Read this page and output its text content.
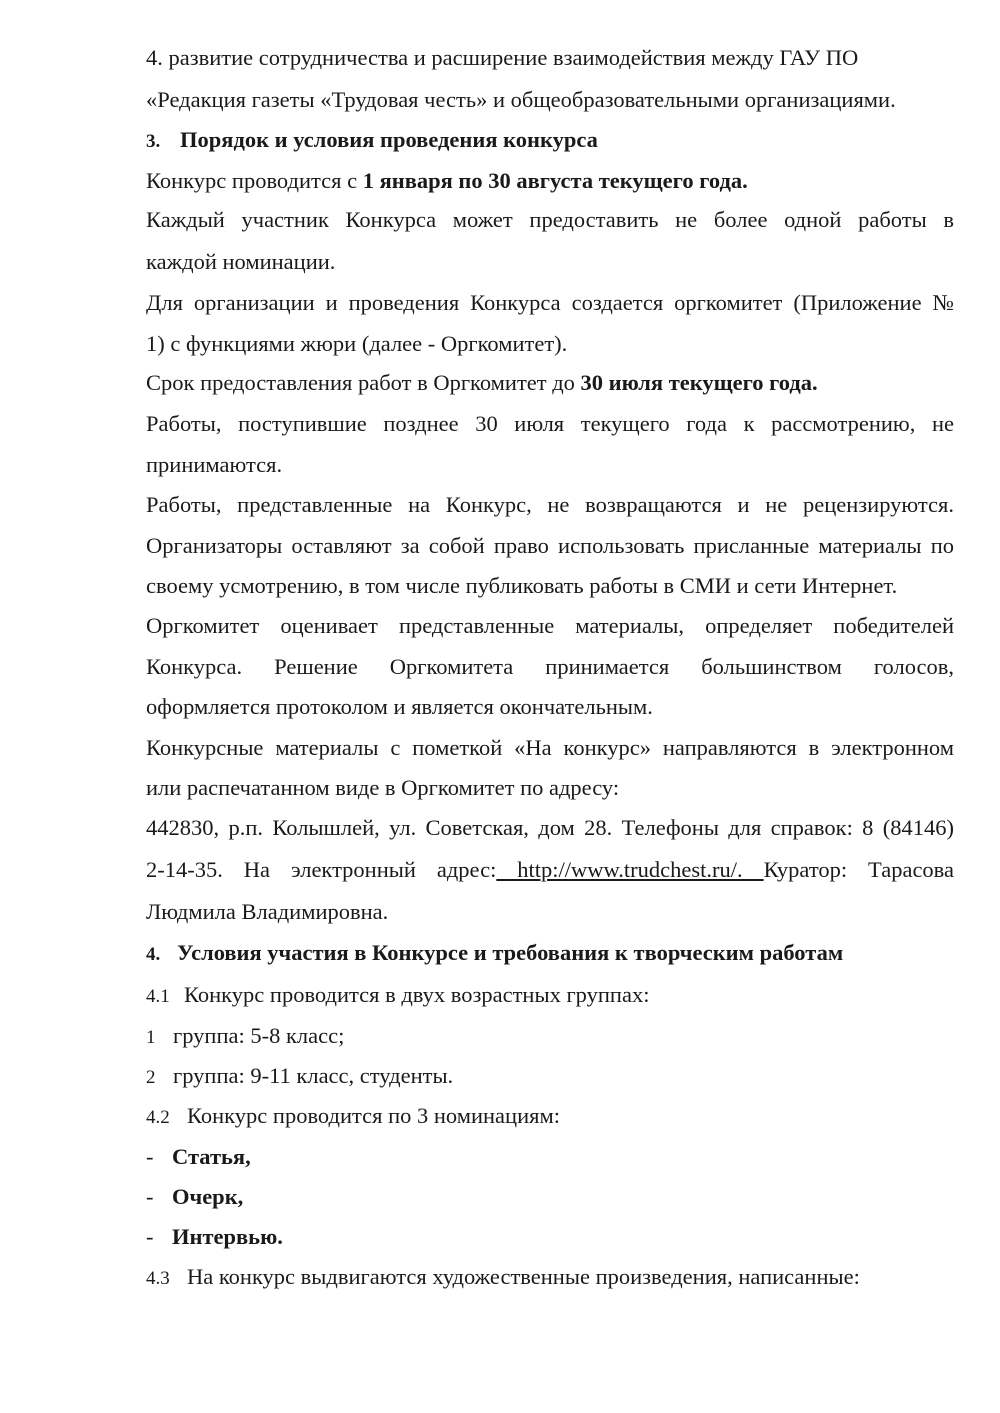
4. развитие сотрудничества и расширение взаимодействия между ГАУ ПО
«Редакция газеты «Трудовая честь» и общеобразовательными организациями.
3. Порядок и условия проведения конкурса
Конкурс проводится с 1 января по 30 августа текущего года.
Каждый участник Конкурса может предоставить не более одной работы в
каждой номинации.
Для организации и проведения Конкурса создается оргкомитет (Приложение №
1) с функциями жюри (далее - Оргкомитет).
Срок предоставления работ в Оргкомитет до 30 июля текущего года.
Работы, поступившие позднее 30 июля текущего года к рассмотрению, не
принимаются.
Работы, представленные на Конкурс, не возвращаются и не рецензируются.
Организаторы оставляют за собой право использовать присланные материалы по
своему усмотрению, в том числе публиковать работы в СМИ и сети Интернет.
Оргкомитет оценивает представленные материалы, определяет победителей
Конкурса. Решение Оргкомитета принимается большинством голосов,
оформляется протоколом и является окончательным.
Конкурсные материалы с пометкой «На конкурс» направляются в электронном
или распечатанном виде в Оргкомитет по адресу:
442830, р.п. Колышлей, ул. Советская, дом 28. Телефоны для справок: 8 (84146)
2-14-35. На электронный адрес: http://www.trudchest.ru/. Куратор: Тарасова
Людмила Владимировна.
4. Условия участия в Конкурсе и требования к творческим работам
4.1 Конкурс проводится в двух возрастных группах:
1 группа: 5-8 класс;
2 группа: 9-11 класс, студенты.
4.2 Конкурс проводится по 3 номинациям:
- Статья,
- Очерк,
- Интервью.
4.3 На конкурс выдвигаются художественные произведения, написанные:
